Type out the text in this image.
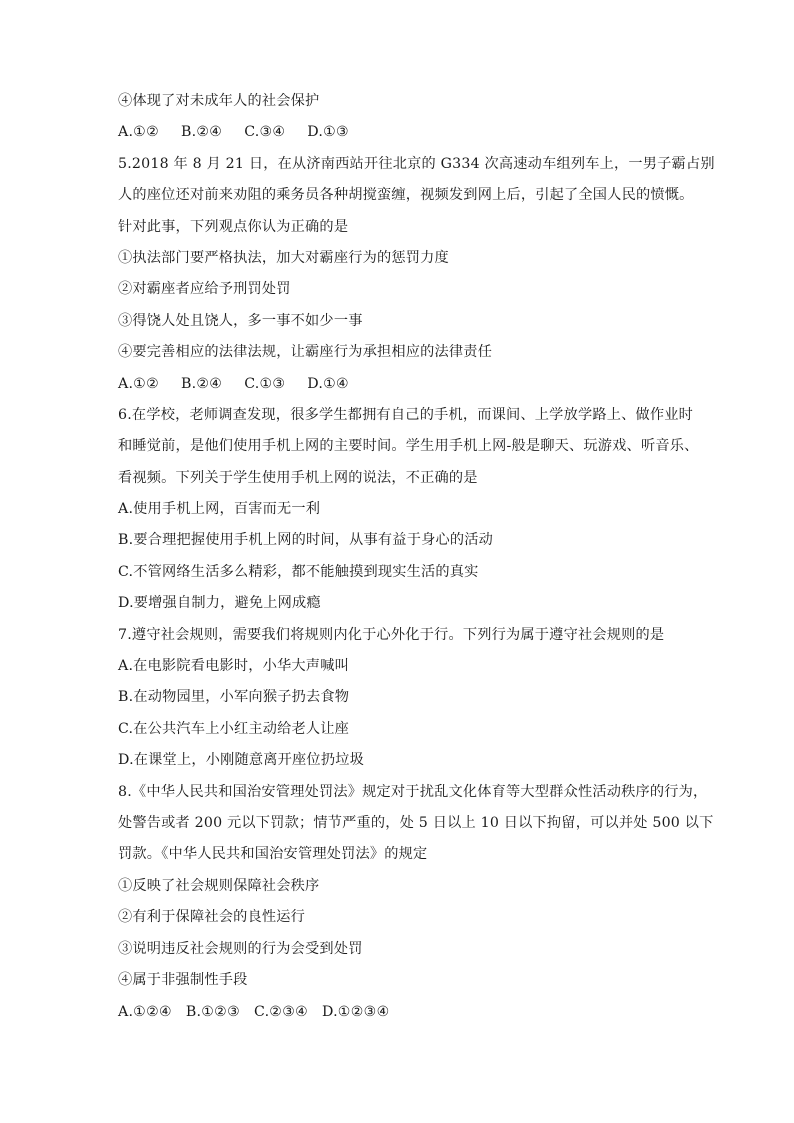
④体现了对未成年人的社会保护

A.①② B.②④ C.③④ D.①③

5.2018 年 8 月 21 日，在从济南西站开往北京的 G334 次高速动车组列车上，一男子霸占别

人的座位还对前来劝阻的乘务员各种胡搅蛮缠，视频发到网上后，引起了全国人民的愤慨。

针对此事，下列观点你认为正确的是

①执法部门要严格执法，加大对霸座行为的惩罚力度

②对霸座者应给予刑罚处罚

③得饶人处且饶人，多一事不如少一事

④要完善相应的法律法规，让霸座行为承担相应的法律责任

A.①② B.②④ C.①③ D.①④

6.在学校，老师调查发现，很多学生都拥有自己的手机，而课间、上学放学路上、做作业时

和睡觉前，是他们使用手机上网的主要时间。学生用手机上网-般是聊天、玩游戏、听音乐、

看视频。下列关于学生使用手机上网的说法，不正确的是

A.使用手机上网，百害而无一利

B.要合理把握使用手机上网的时间，从事有益于身心的活动

C.不管网络生活多么精彩，都不能触摸到现实生活的真实

D.要增强自制力，避免上网成瘾

7.遵守社会规则，需要我们将规则内化于心外化于行。下列行为属于遵守社会规则的是

A.在电影院看电影时，小华大声喊叫

B.在动物园里，小军向猴子扔去食物

C.在公共汽车上小红主动给老人让座

D.在课堂上，小刚随意离开座位扔垃圾

8.《中华人民共和国治安管理处罚法》规定对于扰乱文化体育等大型群众性活动秩序的行为，

处警告或者 200 元以下罚款；情节严重的，处 5 日以上 10 日以下拘留，可以并处 500 以下

罚款。《中华人民共和国治安管理处罚法》的规定

①反映了社会规则保障社会秩序

②有利于保障社会的良性运行

③说明违反社会规则的行为会受到处罚

④属于非强制性手段

A.①②④ B.①②③ C.②③④ D.①②③④
